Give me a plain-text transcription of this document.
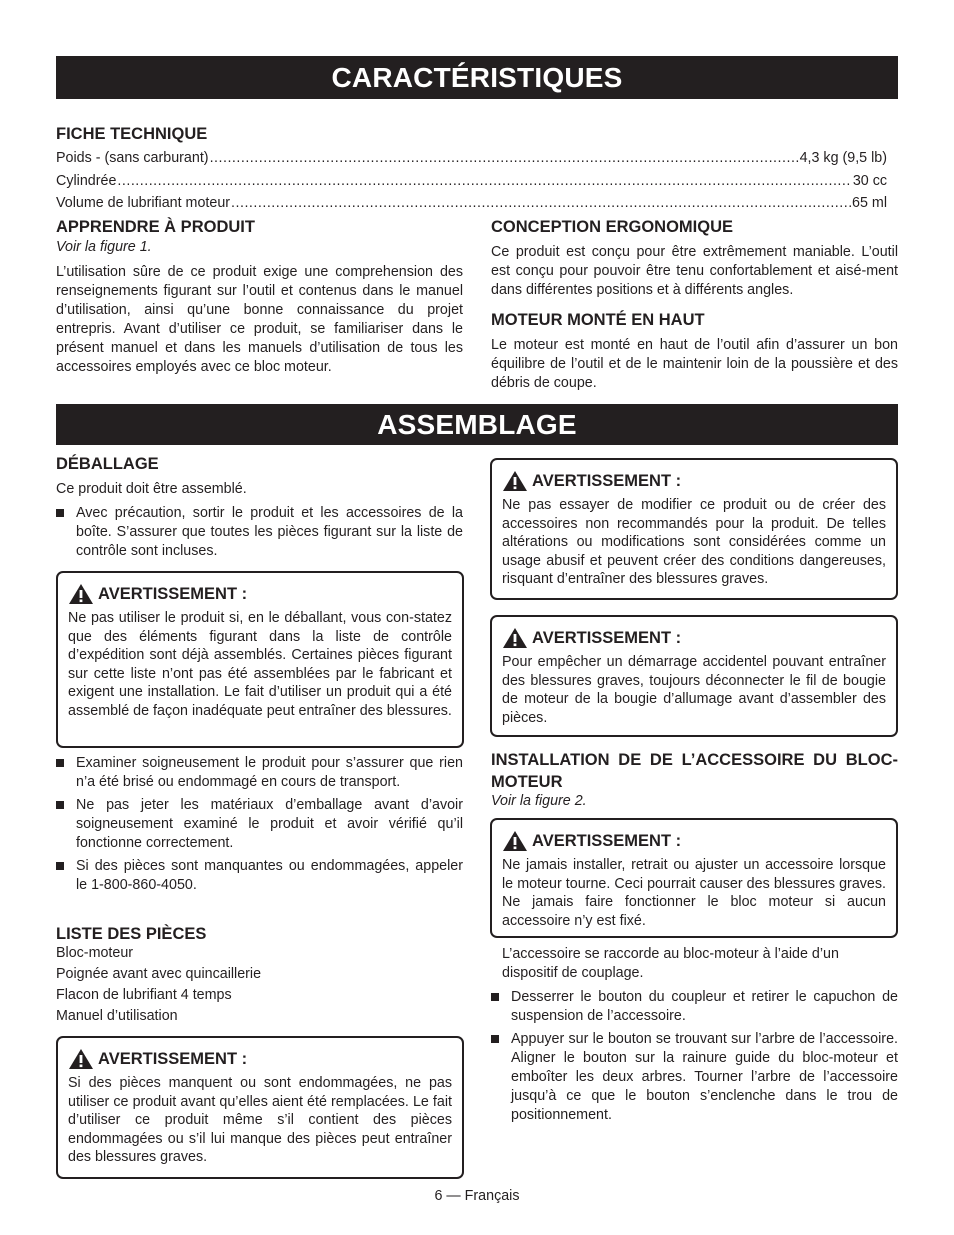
CARACTÉRISTIQUES
FICHE TECHNIQUE
Poids - (sans carburant) .....	4,3 kg (9,5 lb)
Cylindrée .....	30 cc
Volume de lubrifiant moteur .....	65 ml
APPRENDRE À PRODUIT
Voir la figure 1.

L’utilisation sûre de ce produit exige une comprehension des renseignements figurant sur l’outil et contenus dans le manuel d’utilisation, ainsi qu’une bonne connaissance du projet entrepris. Avant d’utiliser ce produit, se familiariser dans le présent manuel et dans les manuels d’utilisation de tous les accessoires employés avec ce bloc moteur.

CONCEPTION ERGONOMIQUE

Ce produit est conçu pour être extrêmement maniable. L’outil est conçu pour pouvoir être tenu confortablement et aisé-ment dans différentes positions et à différents angles.

MOTEUR MONTÉ EN HAUT

Le moteur est monté en haut de l’outil afin d’assurer un bon équilibre de l’outil et de le maintenir loin de la poussière et des débris de coupe.

ASSEMBLAGE
DÉBALLAGE

Ce produit doit être assemblé.

Avec précaution, sortir le produit et les accessoires de la boîte. S’assurer que toutes les pièces figurant sur la liste de contrôle sont incluses.
AVERTISSEMENT :

Ne pas utiliser le produit si, en le déballant, vous con-statez que des éléments figurant dans la liste de contrôle d’expédition sont déjà assemblés. Certaines pièces figurant sur cette liste n’ont pas été assemblées par le fabricant et exigent une installation. Le fait d’utiliser un produit qui a été assemblé de façon inadéquate peut entraîner des blessures.

Examiner soigneusement le produit pour s’assurer que rien n’a été brisé ou endommagé en cours de transport.
Ne pas jeter les matériaux d’emballage avant d’avoir soigneusement examiné le produit et avoir vérifié qu’il fonctionne correctement.
Si des pièces sont manquantes ou endommagées, appeler le 1-800-860-4050.
LISTE DES PIÈCES
Bloc-moteur
Poignée avant avec quincaillerie
Flacon de lubrifiant 4 temps
Manuel d’utilisation
AVERTISSEMENT :

Si des pièces manquent ou sont endommagées, ne pas utiliser ce produit avant qu’elles aient été remplacées. Le fait d’utiliser ce produit même s’il contient des pièces endommagées ou s’il lui manque des pièces peut entraîner des blessures graves.

AVERTISSEMENT :

Ne pas essayer de modifier ce produit ou de créer des accessoires non recommandés pour la produit. De telles altérations ou modifications sont considérées comme un usage abusif et peuvent créer des conditions dangereuses, risquant d’entraîner des blessures graves.

AVERTISSEMENT :

Pour empêcher un démarrage accidentel pouvant entraîner des blessures graves, toujours déconnecter le fil de bougie de moteur de la bougie d’allumage avant d’assembler des pièces.

INSTALLATION DE DE L’ACCESSOIRE DU BLOC-MOTEUR
Voir la figure 2.
AVERTISSEMENT :

Ne jamais installer, retrait ou ajuster un accessoire lorsque le moteur tourne. Ceci pourrait causer des blessures graves. Ne jamais faire fonctionner le bloc moteur si aucun accessoire n’y est fixé.

L’accessoire se raccorde au bloc-moteur à l’aide d’un dispositif de couplage.

Desserrer le bouton du coupleur et retirer le capuchon de suspension de l’accessoire.
Appuyer sur le bouton se trouvant sur l’arbre de l’accessoire. Aligner le bouton sur la rainure guide du bloc-moteur et emboîter les deux arbres. Tourner l’arbre de l’accessoire jusqu’à ce que le bouton s’enclenche dans le trou de positionnement.
6 — Français
